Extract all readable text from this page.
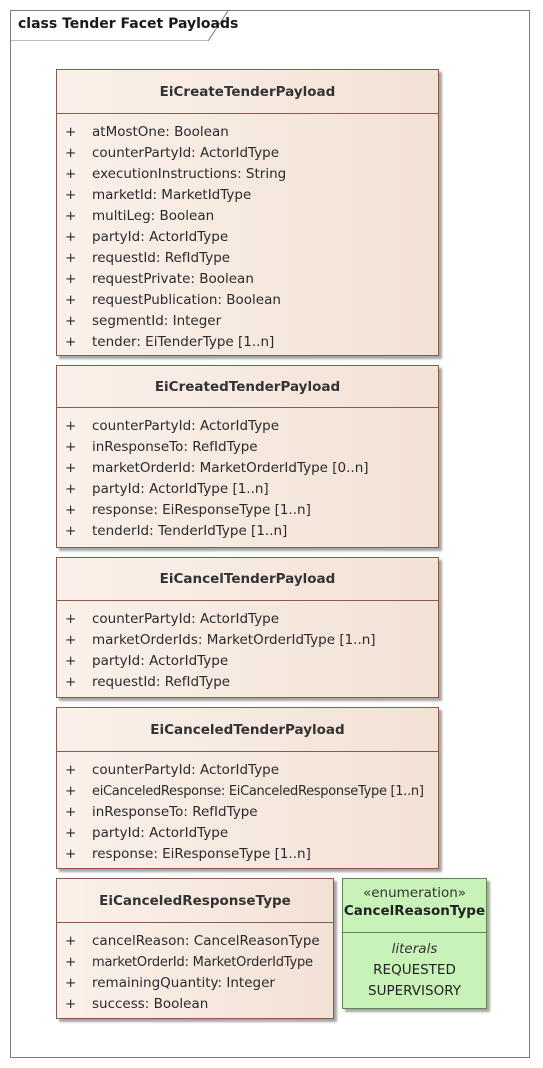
class Tender Facet Payloads
EiCreateTenderPayload
+ atMostOne: Boolean
+ counterPartyId: ActorIdType
+ executionInstructions: String
+ marketId: MarketIdType
+ multiLeg: Boolean
+ partyId: ActorIdType
+ requestId: RefIdType
+ requestPrivate: Boolean
+ requestPublication: Boolean
+ segmentId: Integer
+ tender: EiTenderType [1..n]
EiCreatedTenderPayload
+ counterPartyId: ActorIdType
+ inResponseTo: RefIdType
+ marketOrderId: MarketOrderIdType [0..n]
+ partyId: ActorIdType [1..n]
+ response: EiResponseType [1..n]
+ tenderId: TenderIdType [1..n]
EiCancelTenderPayload
+ counterPartyId: ActorIdType
+ marketOrderIds: MarketOrderIdType [1..n]
+ partyId: ActorIdType
+ requestId: RefIdType
EiCanceledTenderPayload
+ counterPartyId: ActorIdType
+ eiCanceledResponse: EiCanceledResponseType [1..n]
+ inResponseTo: RefIdType
+ partyId: ActorIdType
+ response: EiResponseType [1..n]
EiCanceledResponseType
+ cancelReason: CancelReasonType
+ marketOrderId: MarketOrderIdType
+ remainingQuantity: Integer
+ success: Boolean
«enumeration»
CancelReasonType
literals
REQUESTED
SUPERVISORY
